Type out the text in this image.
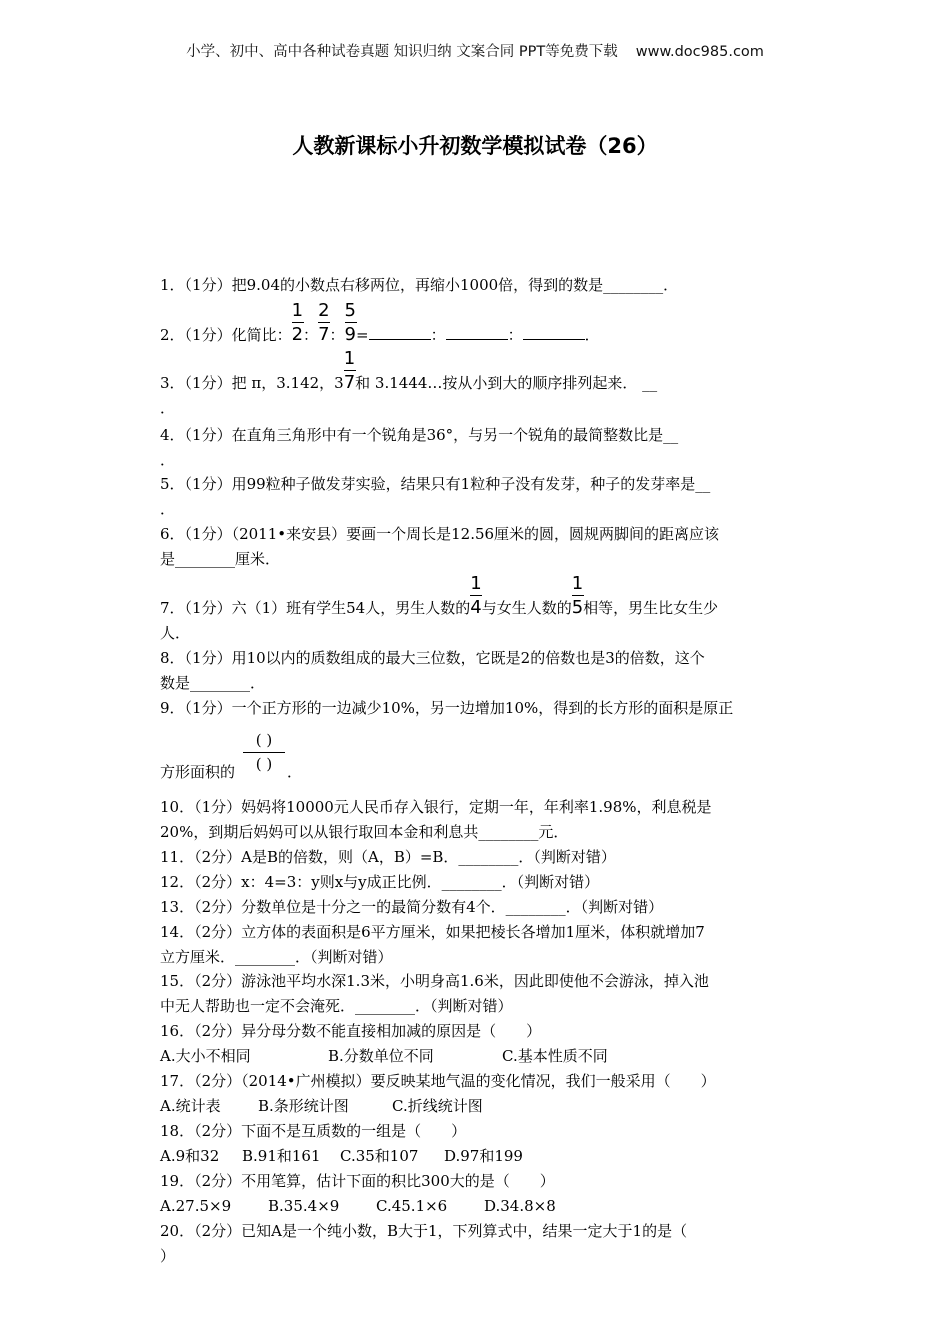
小学、初中、高中各种试卷真题 知识归纳 文案合同 PPT等免费下载 www.doc985.com
人教新课标小升初数学模拟试卷（26）
1．（1分）把9.04的小数点右移两位，再缩小1000倍，得到的数是________．
2．（1分）化简比： $\frac{1}{2}$： $\frac{2}{7}$： $\frac{5}{9}=$	：	：	．
3．（1分）把 π，3.142，$3 \frac{1}{7}$和 3.1444…按从小到大的顺序排列起来． __
．
4．（1分）在直角三角形中有一个锐角是36°，与另一个锐角的最简整数比是__
．
5．（1分）用99粒种子做发芽实验，结果只有1粒种子没有发芽，种子的发芽率是__
．
6．（1分）（2011•来安县）要画一个周长是12.56厘米的圆，圆规两脚间的距离应该
是________厘米．
7．（1分）六（1）班有学生54人，男生人数的 $\frac{1}{4}$与女生人数的 $\frac{1}{5}$相等，男生比女生少
人．
8．（1分）用10以内的质数组成的最大三位数，它既是2的倍数也是3的倍数，这个
数是________．
9．（1分）一个正方形的一边减少10%，另一边增加10%，得到的长方形的面积是原正
( )
( )
方形面积的	．
10．（1分）妈妈将10000元人民币存入银行，定期一年，年利率1.98%，利息税是
20%，到期后妈妈可以从银行取回本金和利息共________元．
11．（2分）A是B的倍数，则（A，B）=B．________．（判断对错）
12．（2分）x：4=3：y则x与y成正比例．________．（判断对错）
13．（2分）分数单位是十分之一的最简分数有4个．________．（判断对错）
14．（2分）立方体的表面积是6平方厘米，如果把棱长各增加1厘米，体积就增加7
立方厘米．________．（判断对错）
15．（2分）游泳池平均水深1.3米，小明身高1.6米，因此即使他不会游泳，掉入池
中无人帮助也一定不会淹死．________．（判断对错）
16．（2分）异分母分数不能直接相加减的原因是（　　）
A.大小不相同	B.分数单位不同	C.基本性质不同
17．（2分）（2014•广州模拟）要反映某地气温的变化情况，我们一般采用（　　）
A.统计表 B.条形统计图	C.折线统计图
18．（2分）下面不是互质数的一组是（　　）
A.9和32 B.91和161 C.35和107 D.97和199
19．（2分）不用笔算，估计下面的积比300大的是（　　）
A.27.5×9 B.35.4×9 C.45.1×6 D.34.8×8
20．（2分）已知A是一个纯小数，B大于1，下列算式中，结果一定大于1的是（
）
